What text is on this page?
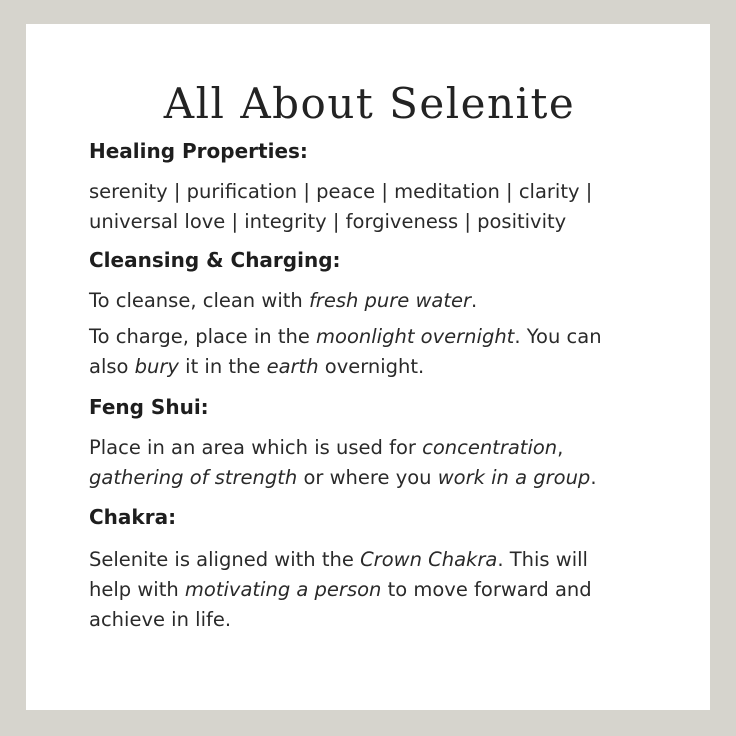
All About Selenite
Healing Properties:

serenity | purification | peace | meditation | clarity |
universal love | integrity | forgiveness | positivity

Cleansing & Charging:

To cleanse, clean with fresh pure water.

To charge, place in the moonlight overnight. You can
also bury it in the earth overnight.

Feng Shui:

Place in an area which is used for concentration,
gathering of strength or where you work in a group.

Chakra:

Selenite is aligned with the Crown Chakra. This will
help with motivating a person to move forward and
achieve in life.
